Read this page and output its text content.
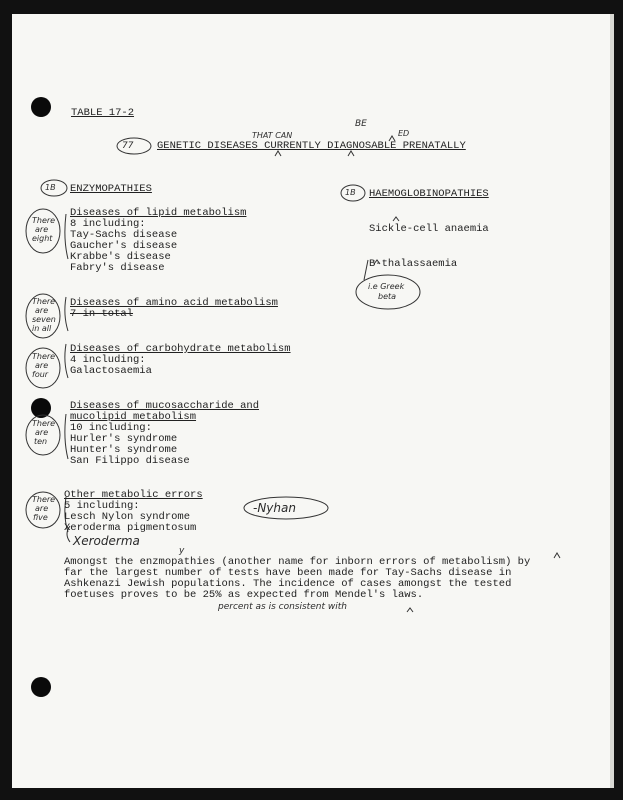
TABLE 17-2
77 GENETIC DISEASES CURRENTLY DIAGNOSABLE PRENATALLY
THAT CAN
BE
ED
1B ENZYMOPATHIES
Diseases of lipid metabolism
8 including:
Tay-Sachs disease
Gaucher's disease
Krabbe's disease
Fabry's disease
There
are
eight
Diseases of amino acid metabolism
7 in total
There
are
seven
in all
Diseases of carbohydrate metabolism
4 including:
Galactosaemia
There
are
four
Diseases of mucosaccharide and
mucolipid metabolism
10 including:
Hurler's syndrome
Hunter's syndrome
San Filippo disease
There
are
ten
Other metabolic errors
5 including:
Lesch Nylon syndrome
Xeroderma pigmentosum
Xeroderma
-Nyhan
There
are
five
1B HAEMOGLOBINOPATHIES
Sickle-cell anaemia
B-thalassaemia
i.e Greek
beta
Amongst the enzmopathies (another name for inborn errors of metabolism) by
far the largest number of tests have been made for Tay-Sachs disease in
Ashkenazi Jewish populations. The incidence of cases amongst the tested
foetuses proves to be 25% as expected from Mendel's laws.
y
percent as is consistent with
